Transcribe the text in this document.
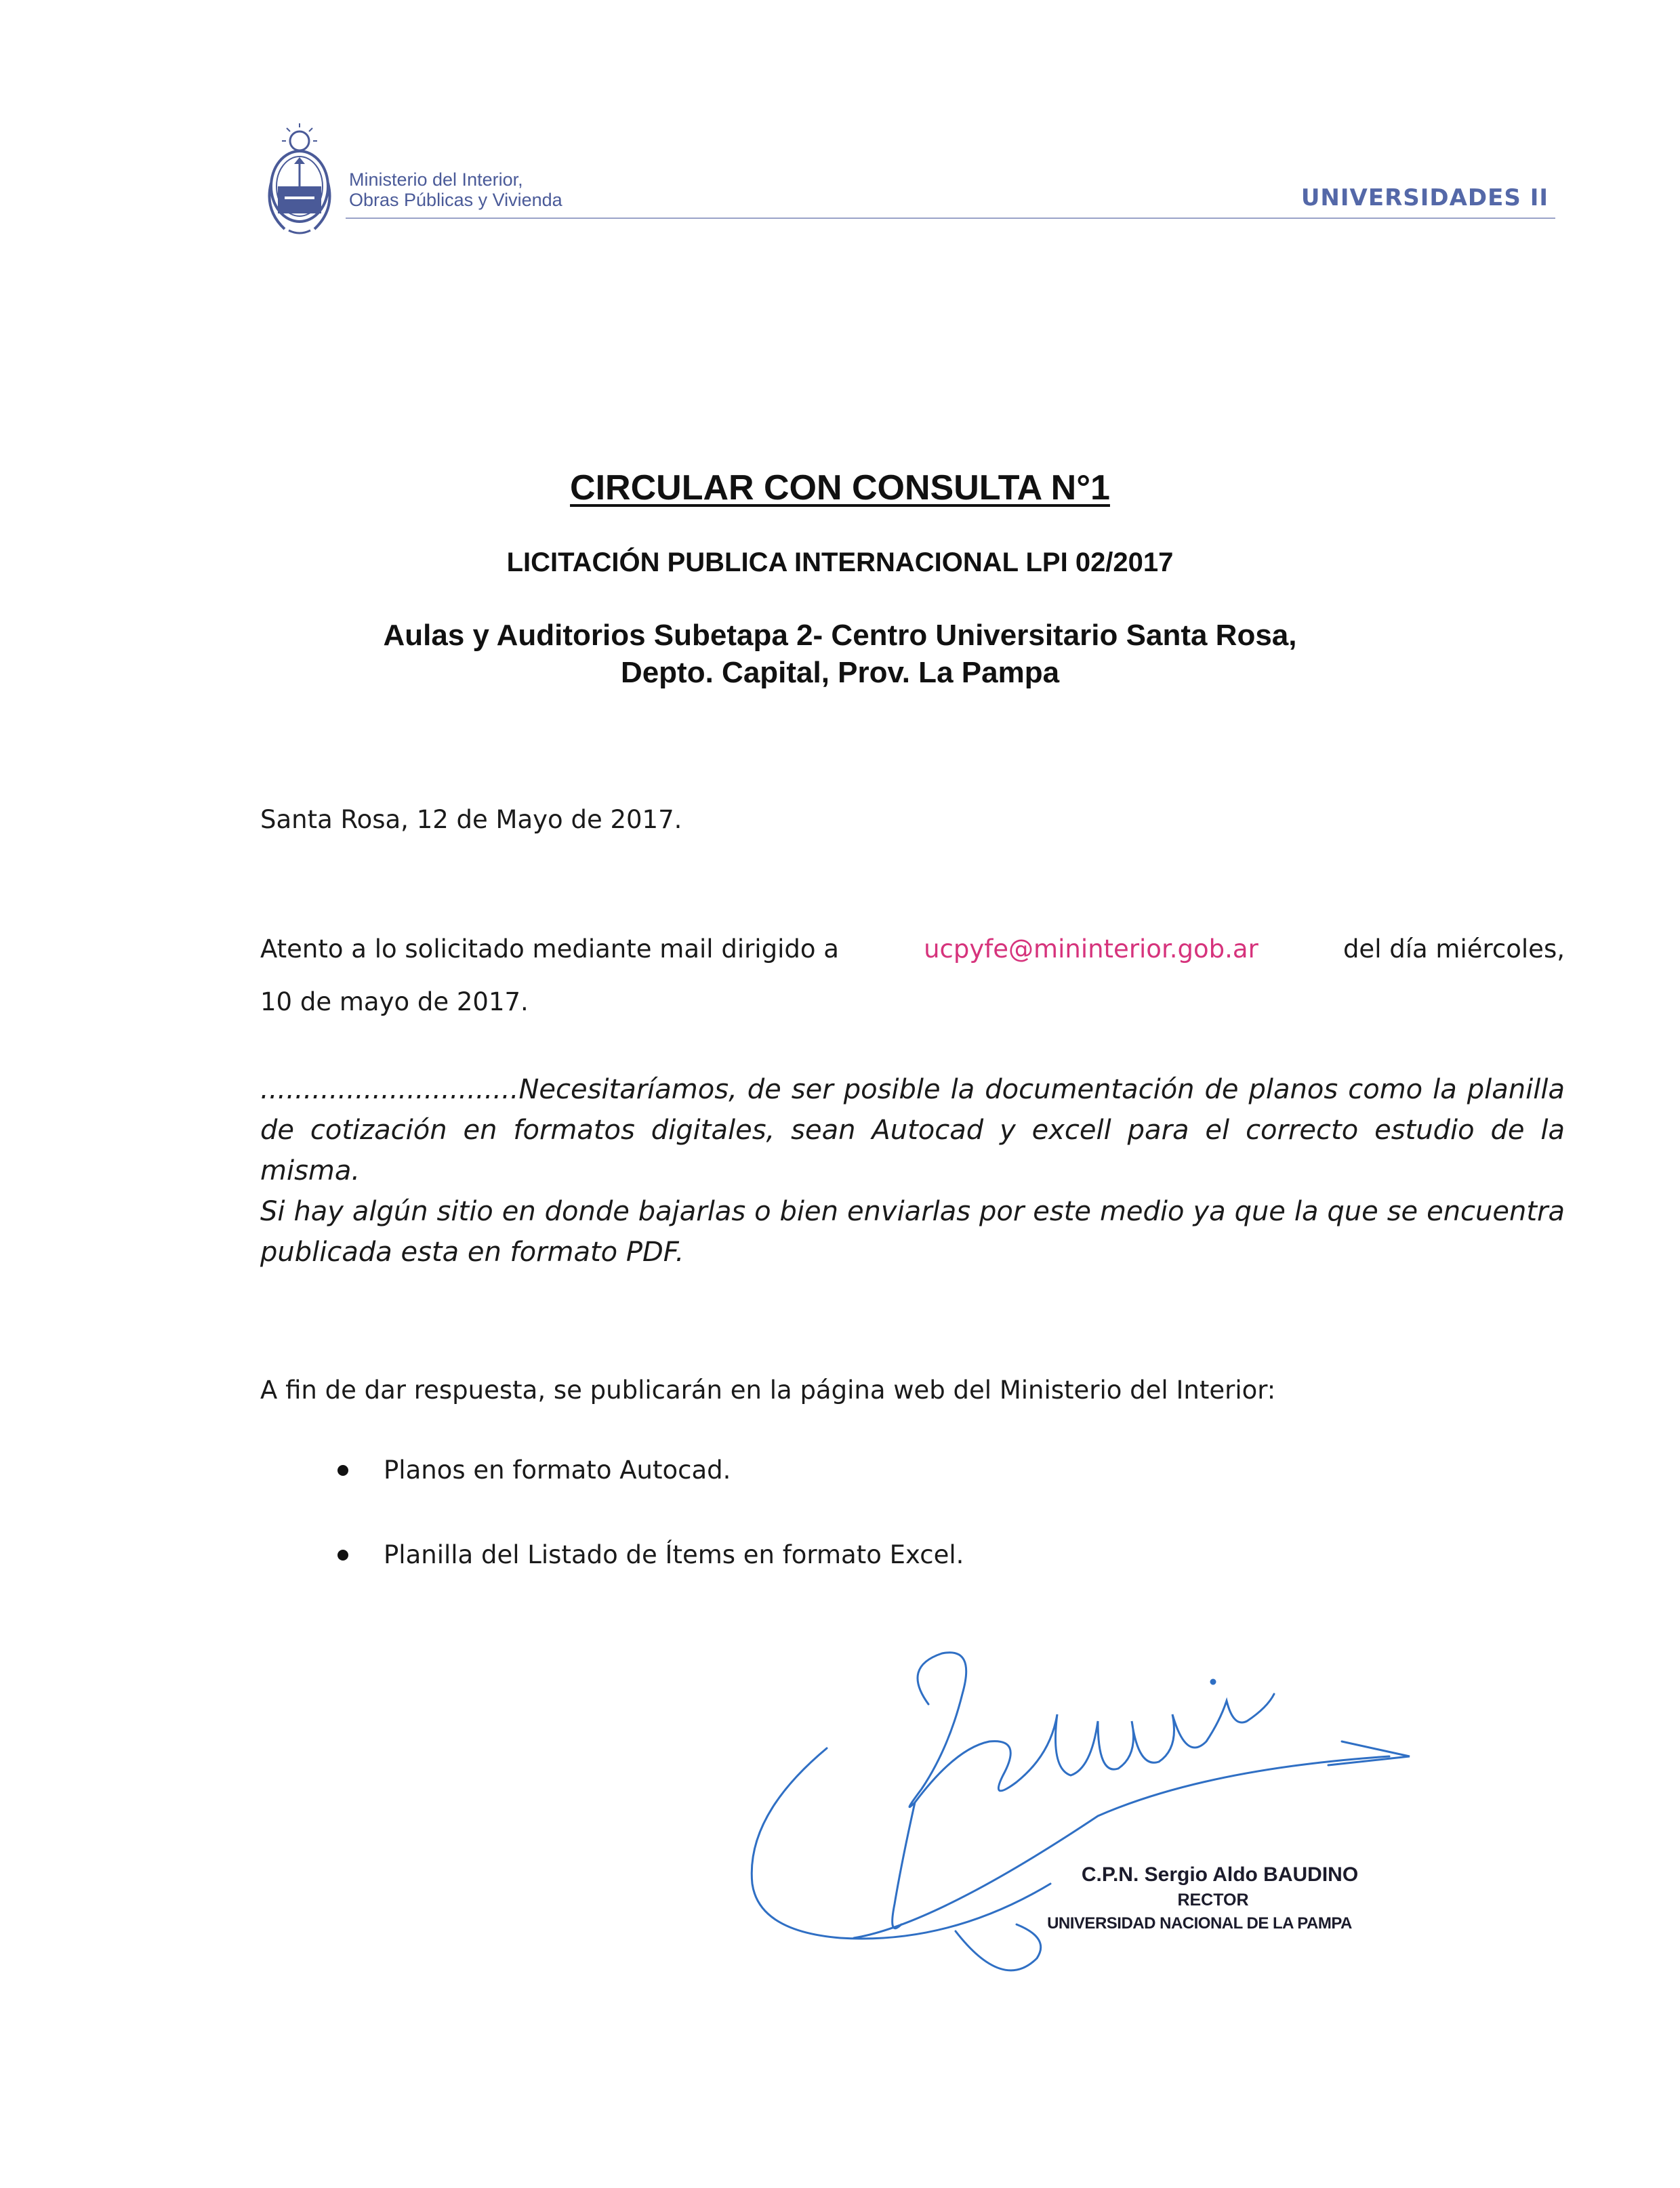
Ministerio del Interior,
Obras Públicas y Vivienda	UNIVERSIDADES II
CIRCULAR CON CONSULTA N°1
LICITACIÓN PUBLICA INTERNACIONAL LPI 02/2017
Aulas y Auditorios Subetapa 2- Centro Universitario Santa Rosa,
Depto. Capital, Prov. La Pampa
Santa Rosa, 12 de Mayo de 2017.
Atento a lo solicitado mediante mail dirigido a	ucpyfe@mininterior.gob.ar	del día miércoles,
10 de mayo de 2017.

..............................Necesitaríamos, de ser posible la documentación de planos como la planilla de cotización en formatos digitales, sean Autocad y excell para el correcto estudio de la misma.

Si hay algún sitio en donde bajarlas o bien enviarlas por este medio ya que la que se encuentra publicada esta en formato PDF.

A fin de dar respuesta, se publicarán en la página web del Ministerio del Interior:
Planos en formato Autocad.
Planilla del Listado de Ítems en formato Excel.
C.P.N. Sergio Aldo BAUDINO
RECTOR
UNIVERSIDAD NACIONAL DE LA PAMPA
